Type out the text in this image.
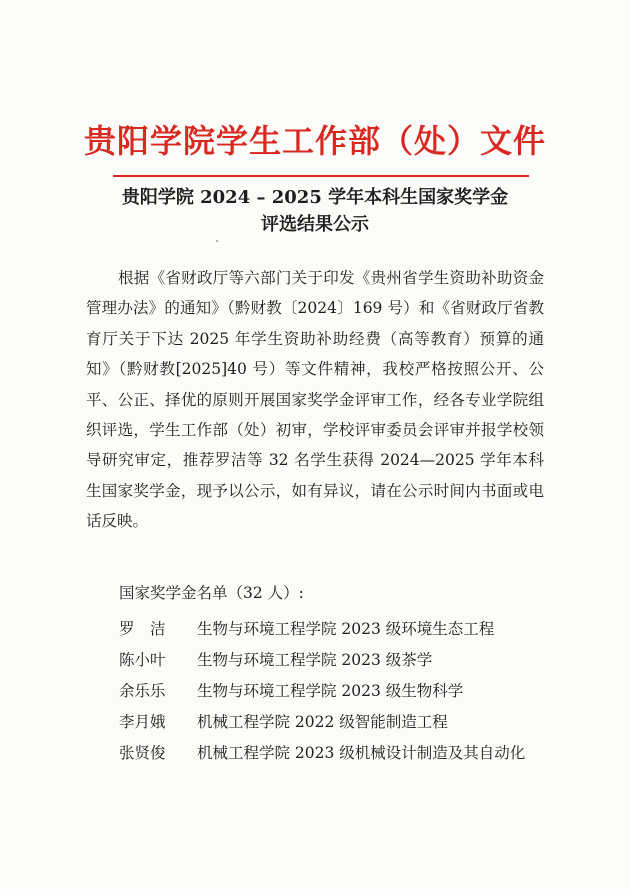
贵阳学院学生工作部（处）文件
贵阳学院 2024 – 2025 学年本科生国家奖学金
评选结果公示

根据《省财政厅等六部门关于印发《贵州省学生资助补助资金管理办法》的通知》（黔财教〔2024〕169 号）和《省财政厅省教育厅关于下达 2025 年学生资助补助经费（高等教育）预算的通知》（黔财教[2025]40 号）等文件精神，我校严格按照公开、公平、公正、择优的原则开展国家奖学金评审工作，经各专业学院组织评选，学生工作部（处）初审，学校评审委员会评审并报学校领导研究审定，推荐罗洁等 32 名学生获得 2024—2025 学年本科生国家奖学金，现予以公示，如有异议，请在公示时间内书面或电话反映。

国家奖学金名单（32 人）:
罗　洁	生物与环境工程学院 2023 级环境生态工程
陈小叶	生物与环境工程学院 2023 级茶学
余乐乐	生物与环境工程学院 2023 级生物科学
李月娥	机械工程学院 2022 级智能制造工程
张贤俊	机械工程学院 2023 级机械设计制造及其自动化
